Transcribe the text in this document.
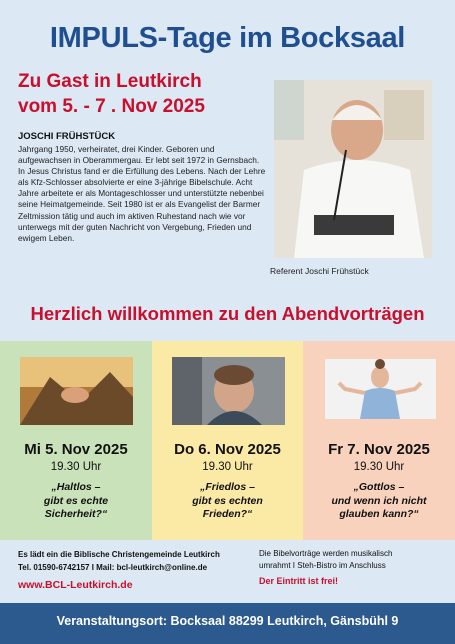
IMPULS-Tage im Bocksaal
Zu Gast in Leutkirch
vom 5. - 7 . Nov 2025
Referent Joschi Frühstück
JOSCHI FRÜHSTÜCK
Jahrgang 1950, verheiratet, drei Kinder. Geboren und aufgewachsen in Oberammergau. Er lebt seit 1972 in Gernsbach. In Jesus Christus fand er die Erfüllung des Lebens. Nach der Lehre als Kfz-Schlosser absolvierte er eine 3-jährige Bibelschule. Acht Jahre arbeitete er als Montageschlosser und unterstützte nebenbei seine Heimatgemeinde. Seit 1980 ist er als Evangelist der Barmer Zeltmission tätig und auch im aktiven Ruhestand nach wie vor unterwegs mit der guten Nachricht von Vergebung, Frieden und ewigem Leben.
Herzlich willkommen zu den Abendvorträgen
Mi 5. Nov 2025
19.30 Uhr
„Haltlos –
gibt es echte
Sicherheit?“
Do 6. Nov 2025
19.30 Uhr
„Friedlos –
gibt es echten
Frieden?“
Fr 7. Nov 2025
19.30 Uhr
„Gottlos –
und wenn ich nicht
glauben kann?“
Es lädt ein die Biblische Christengemeinde Leutkirch
Tel. 01590-6742157 I Mail: bcl-leutkirch@online.de
www.BCL-Leutkirch.de
Die Bibelvorträge werden musikalisch
umrahmt I Steh-Bistro im Anschluss
Der Eintritt ist frei!
Veranstaltungsort: Bocksaal 88299 Leutkirch, Gänsbühl 9
